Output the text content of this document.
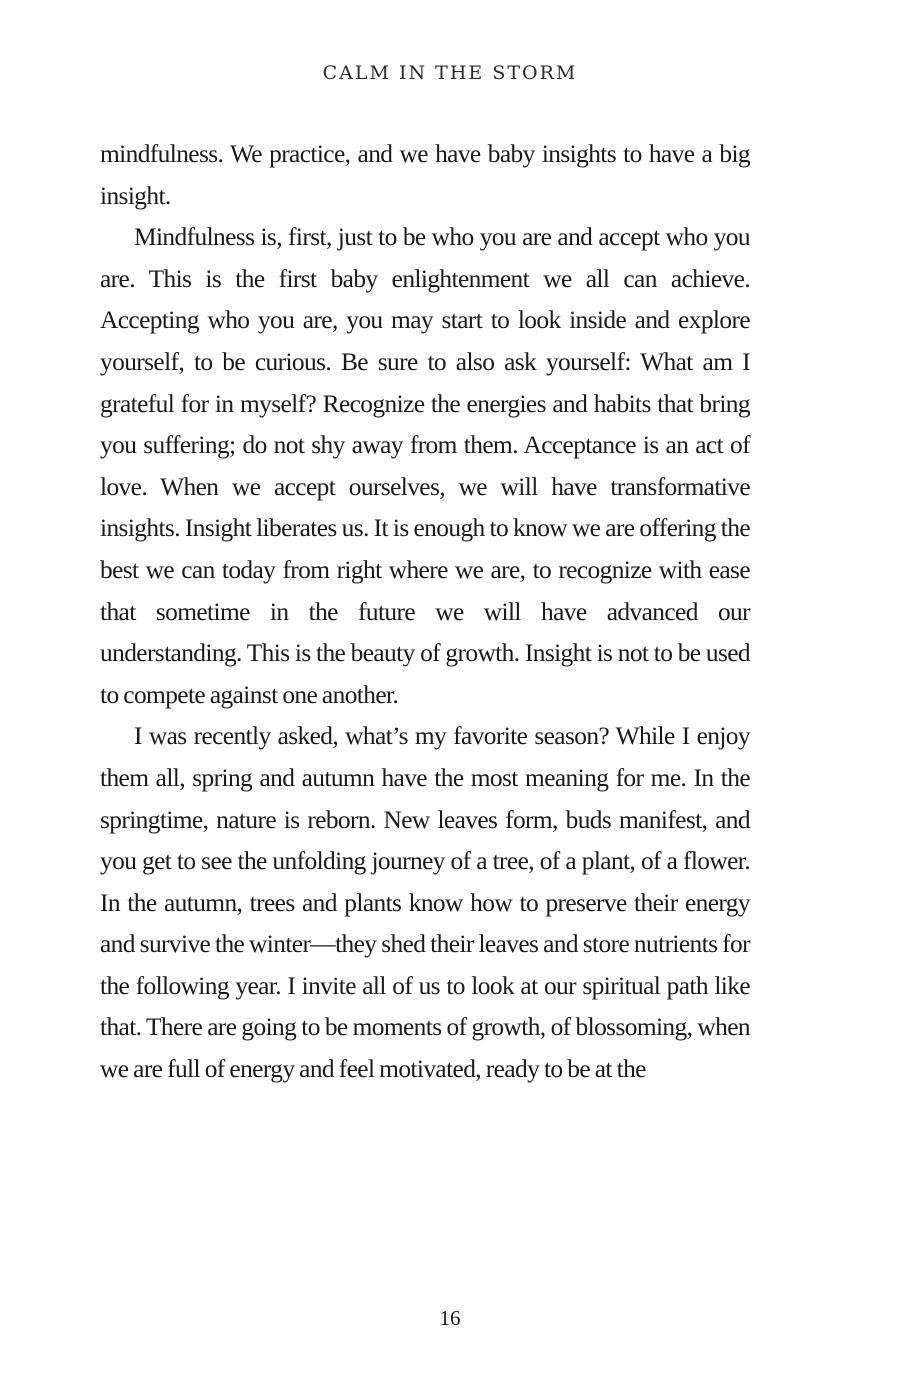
CALM IN THE STORM

mindfulness. We practice, and we have baby insights to have a big insight.

Mindfulness is, first, just to be who you are and accept who you are. This is the first baby enlightenment we all can achieve. Accepting who you are, you may start to look inside and explore yourself, to be curious. Be sure to also ask yourself: What am I grateful for in myself? Recognize the energies and habits that bring you suffering; do not shy away from them. Acceptance is an act of love. When we accept ourselves, we will have transformative insights. Insight liberates us. It is enough to know we are offering the best we can today from right where we are, to recognize with ease that sometime in the future we will have advanced our understanding. This is the beauty of growth. Insight is not to be used to compete against one another.

I was recently asked, what’s my favorite season? While I enjoy them all, spring and autumn have the most meaning for me. In the springtime, nature is reborn. New leaves form, buds manifest, and you get to see the unfolding journey of a tree, of a plant, of a flower. In the autumn, trees and plants know how to preserve their energy and survive the winter—they shed their leaves and store nutrients for the following year. I invite all of us to look at our spiritual path like that. There are going to be moments of growth, of blossoming, when we are full of energy and feel motivated, ready to be at the

16
